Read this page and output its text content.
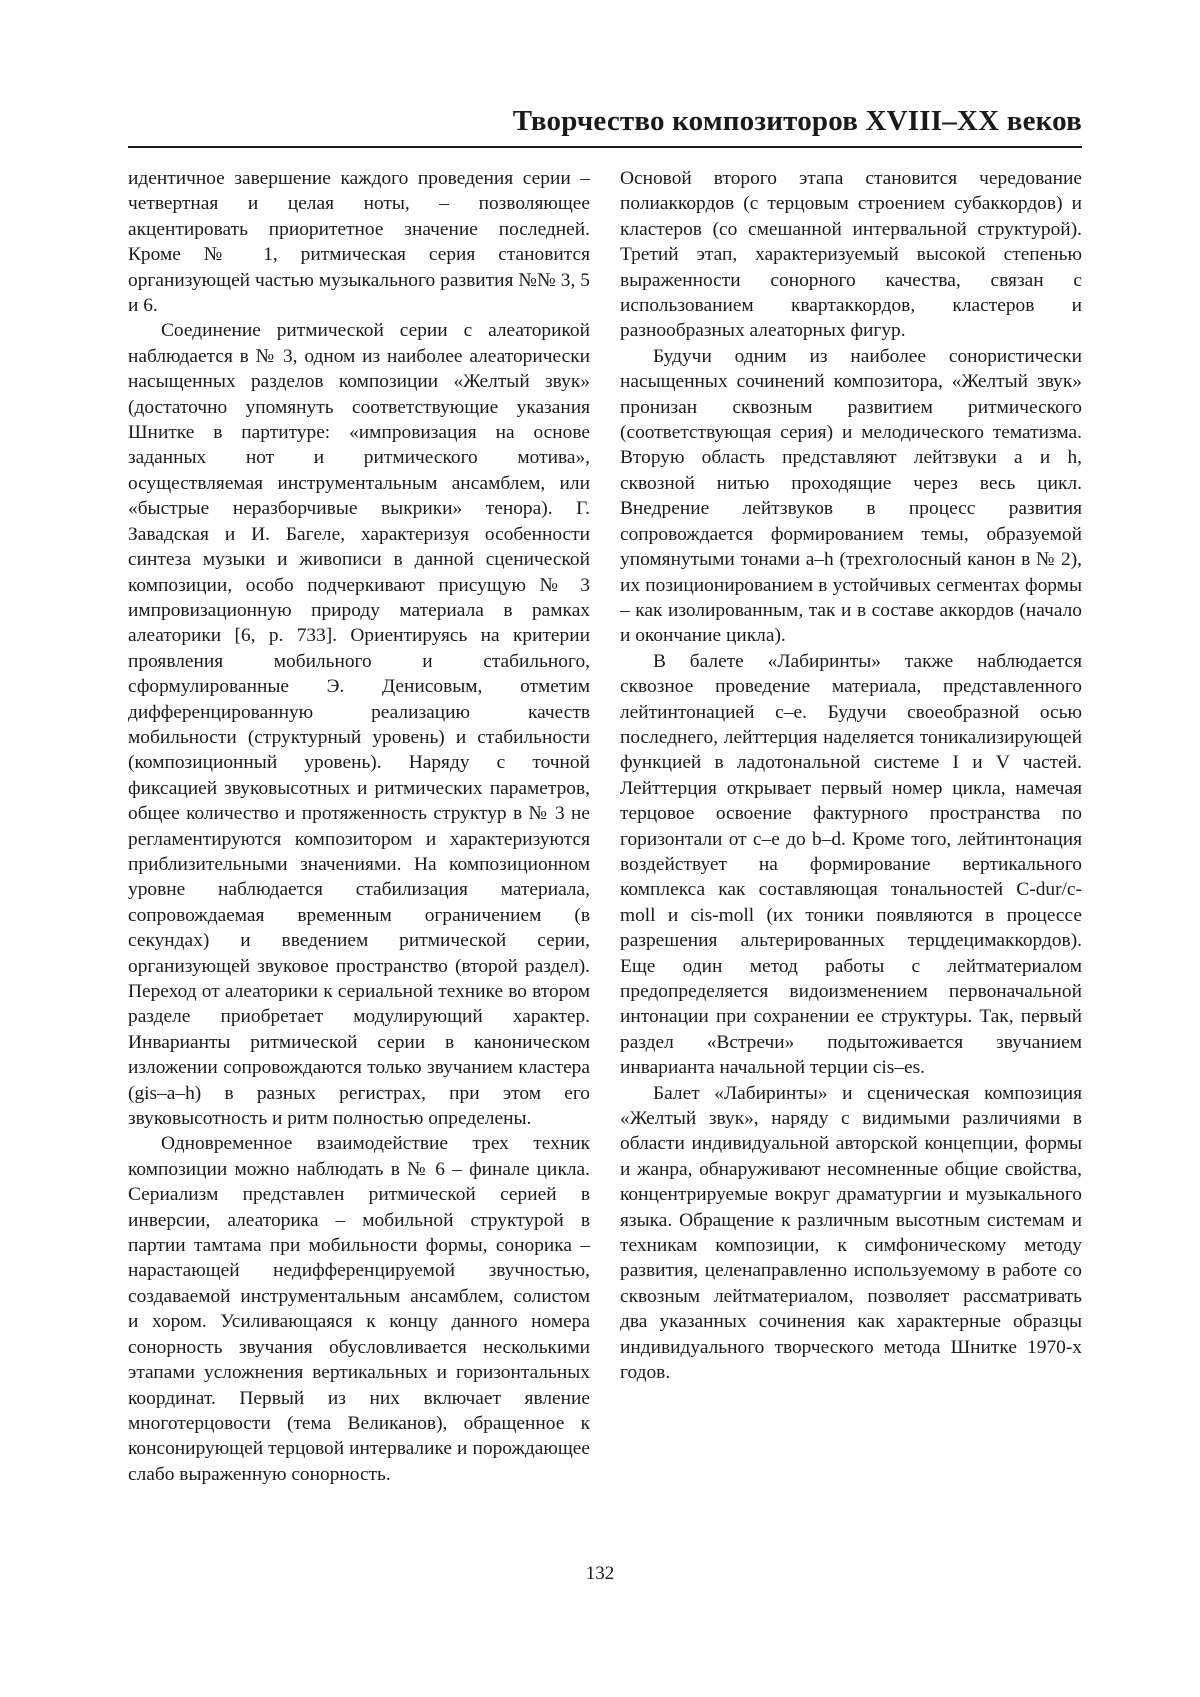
Творчество композиторов XVIII–XX веков

идентичное завершение каждого проведения серии – четвертная и целая ноты, – позволяющее акцентировать приоритетное значение последней. Кроме № 1, ритмическая серия становится организующей частью музыкального развития №№ 3, 5 и 6.

Соединение ритмической серии с алеаторикой наблюдается в № 3, одном из наиболее алеаторически насыщенных разделов композиции «Желтый звук» (достаточно упомянуть соответствующие указания Шнитке в партитуре: «импровизация на основе заданных нот и ритмического мотива», осуществляемая инструментальным ансамблем, или «быстрые неразборчивые выкрики» тенора). Г. Завадская и И. Багеле, характеризуя особенности синтеза музыки и живописи в данной сценической композиции, особо подчеркивают присущую № 3 импровизационную природу материала в рамках алеаторики [6, р. 733]. Ориентируясь на критерии проявления мобильного и стабильного, сформулированные Э. Денисовым, отметим дифференцированную реализацию качеств мобильности (структурный уровень) и стабильности (композиционный уровень). Наряду с точной фиксацией звуковысотных и ритмических параметров, общее количество и протяженность структур в № 3 не регламентируются композитором и характеризуются приблизительными значениями. На композиционном уровне наблюдается стабилизация материала, сопровождаемая временным ограничением (в секундах) и введением ритмической серии, организующей звуковое пространство (второй раздел). Переход от алеаторики к сериальной технике во втором разделе приобретает модулирующий характер. Инварианты ритмической серии в каноническом изложении сопровождаются только звучанием кластера (gis–a–h) в разных регистрах, при этом его звуковысотность и ритм полностью определены.

Одновременное взаимодействие трех техник композиции можно наблюдать в № 6 – финале цикла. Сериализм представлен ритмической серией в инверсии, алеаторика – мобильной структурой в партии тамтама при мобильности формы, сонорика – нарастающей недифференцируемой звучностью, создаваемой инструментальным ансамблем, солистом и хором. Усиливающаяся к концу данного номера сонорность звучания обусловливается несколькими этапами усложнения вертикальных и горизонтальных координат. Первый из них включает явление многотерцовости (тема Великанов), обращенное к консонирующей терцовой интервалике и порождающее слабо выраженную сонорность.

Основой второго этапа становится чередование полиаккордов (с терцовым строением субаккордов) и кластеров (со смешанной интервальной структурой). Третий этап, характеризуемый высокой степенью выраженности сонорного качества, связан с использованием квартаккордов, кластеров и разнообразных алеаторных фигур.

Будучи одним из наиболее сонористически насыщенных сочинений композитора, «Желтый звук» пронизан сквозным развитием ритмического (соответствующая серия) и мелодического тематизма. Вторую область представляют лейтзвуки a и h, сквозной нитью проходящие через весь цикл. Внедрение лейтзвуков в процесс развития сопровождается формированием темы, образуемой упомянутыми тонами a–h (трехголосный канон в № 2), их позиционированием в устойчивых сегментах формы – как изолированным, так и в составе аккордов (начало и окончание цикла).

В балете «Лабиринты» также наблюдается сквозное проведение материала, представленного лейтинтонацией c–e. Будучи своеобразной осью последнего, лейттерция наделяется тоникализирующей функцией в ладотональной системе I и V частей. Лейттерция открывает первый номер цикла, намечая терцовое освоение фактурного пространства по горизонтали от c–e до b–d. Кроме того, лейтинтонация воздействует на формирование вертикального комплекса как составляющая тональностей C-dur/c-moll и cis-moll (их тоники появляются в процессе разрешения альтерированных терцдецимаккордов). Еще один метод работы с лейтматериалом предопределяется видоизменением первоначальной интонации при сохранении ее структуры. Так, первый раздел «Встречи» подытоживается звучанием инварианта начальной терции cis–es.

Балет «Лабиринты» и сценическая композиция «Желтый звук», наряду с видимыми различиями в области индивидуальной авторской концепции, формы и жанра, обнаруживают несомненные общие свойства, концентрируемые вокруг драматургии и музыкального языка. Обращение к различным высотным системам и техникам композиции, к симфоническому методу развития, целенаправленно используемому в работе со сквозным лейтматериалом, позволяет рассматривать два указанных сочинения как характерные образцы индивидуального творческого метода Шнитке 1970-х годов.

132
